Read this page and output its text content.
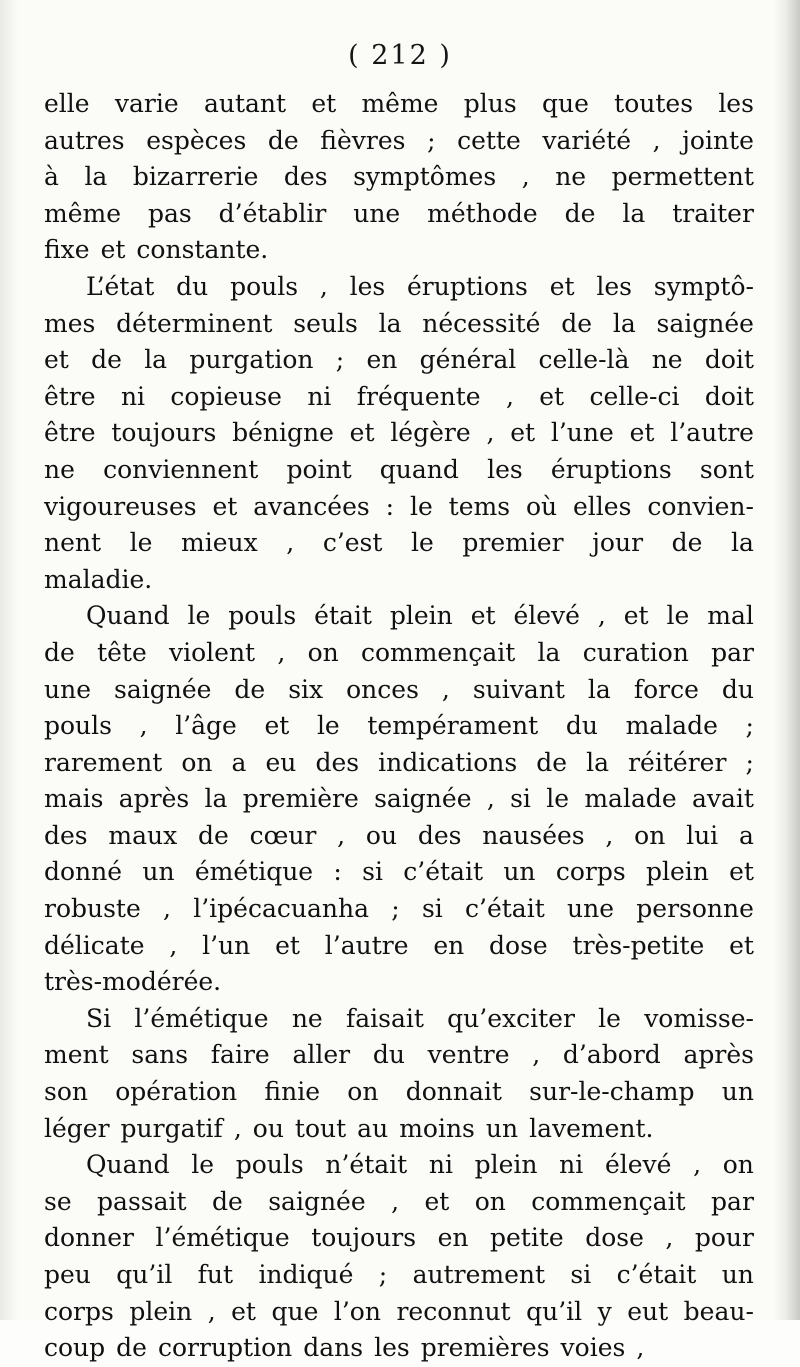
( 212 )
elle varie autant et même plus que toutes les
autres espèces de fièvres ; cette variété , jointe
à la bizarrerie des symptômes , ne permettent
même pas d’établir une méthode de la traiter
fixe et constante.
L’état du pouls , les éruptions et les symptô-
mes déterminent seuls la nécessité de la saignée
et de la purgation ; en général celle-là ne doit
être ni copieuse ni fréquente , et celle-ci doit
être toujours bénigne et légère , et l’une et l’autre
ne conviennent point quand les éruptions sont
vigoureuses et avancées : le tems où elles convien-
nent le mieux , c’est le premier jour de la
maladie.
Quand le pouls était plein et élevé , et le mal
de tête violent , on commençait la curation par
une saignée de six onces , suivant la force du
pouls , l’âge et le tempérament du malade ;
rarement on a eu des indications de la réitérer ;
mais après la première saignée , si le malade avait
des maux de cœur , ou des nausées , on lui a
donné un émétique : si c’était un corps plein et
robuste , l’ipécacuanha ; si c’était une personne
délicate , l’un et l’autre en dose très-petite et
très-modérée.
Si l’émétique ne faisait qu’exciter le vomisse-
ment sans faire aller du ventre , d’abord après
son opération finie on donnait sur-le-champ un
léger purgatif , ou tout au moins un lavement.
Quand le pouls n’était ni plein ni élevé , on
se passait de saignée , et on commençait par
donner l’émétique toujours en petite dose , pour
peu qu’il fut indiqué ; autrement si c’était un
corps plein , et que l’on reconnut qu’il y eut beau-
coup de corruption dans les premières voies ,
